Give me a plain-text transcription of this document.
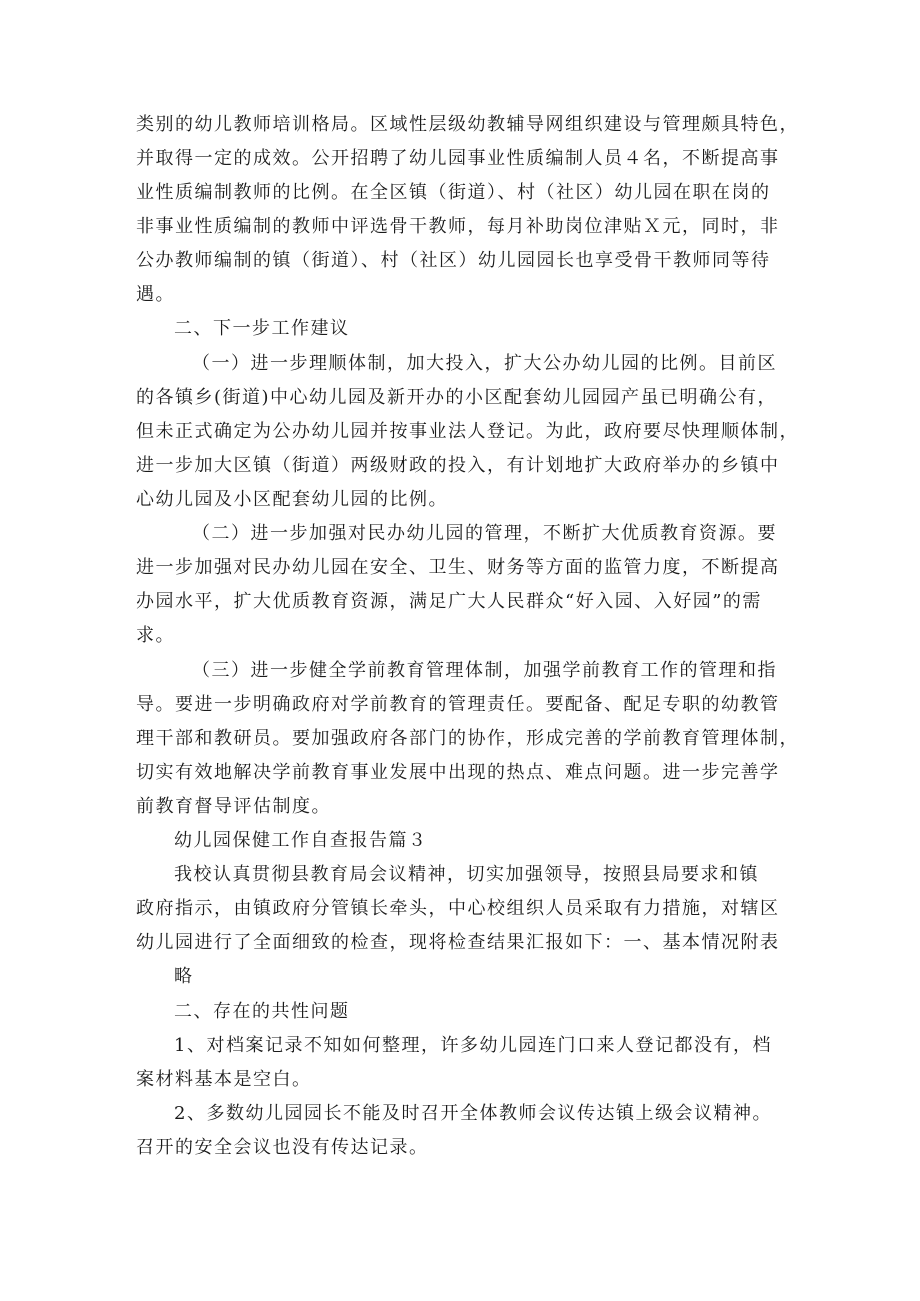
类别的幼儿教师培训格局。区域性层级幼教辅导网组织建设与管理颇具特色，
并取得一定的成效。公开招聘了幼儿园事业性质编制人员４名，不断提高事
业性质编制教师的比例。在全区镇（街道）、村（社区）幼儿园在职在岗的
非事业性质编制的教师中评选骨干教师，每月补助岗位津贴Ｘ元，同时，非
公办教师编制的镇（街道）、村（社区）幼儿园园长也享受骨干教师同等待
遇。
二、下一步工作建议
（一）进一步理顺体制，加大投入，扩大公办幼儿园的比例。目前区
的各镇乡(街道)中心幼儿园及新开办的小区配套幼儿园园产虽已明确公有，
但未正式确定为公办幼儿园并按事业法人登记。为此，政府要尽快理顺体制，
进一步加大区镇（街道）两级财政的投入，有计划地扩大政府举办的乡镇中
心幼儿园及小区配套幼儿园的比例。
（二）进一步加强对民办幼儿园的管理，不断扩大优质教育资源。要
进一步加强对民办幼儿园在安全、卫生、财务等方面的监管力度，不断提高
办园水平，扩大优质教育资源，满足广大人民群众“好入园、入好园”的需
求。
（三）进一步健全学前教育管理体制，加强学前教育工作的管理和指
导。要进一步明确政府对学前教育的管理责任。要配备、配足专职的幼教管
理干部和教研员。要加强政府各部门的协作，形成完善的学前教育管理体制，
切实有效地解决学前教育事业发展中出现的热点、难点问题。进一步完善学
前教育督导评估制度。
幼儿园保健工作自查报告篇３
我校认真贯彻县教育局会议精神，切实加强领导，按照县局要求和镇
政府指示，由镇政府分管镇长牵头，中心校组织人员采取有力措施，对辖区
幼儿园进行了全面细致的检查，现将检查结果汇报如下：一、基本情况附表
略
二、存在的共性问题
1、对档案记录不知如何整理，许多幼儿园连门口来人登记都没有，档
案材料基本是空白。
2、多数幼儿园园长不能及时召开全体教师会议传达镇上级会议精神。
召开的安全会议也没有传达记录。
